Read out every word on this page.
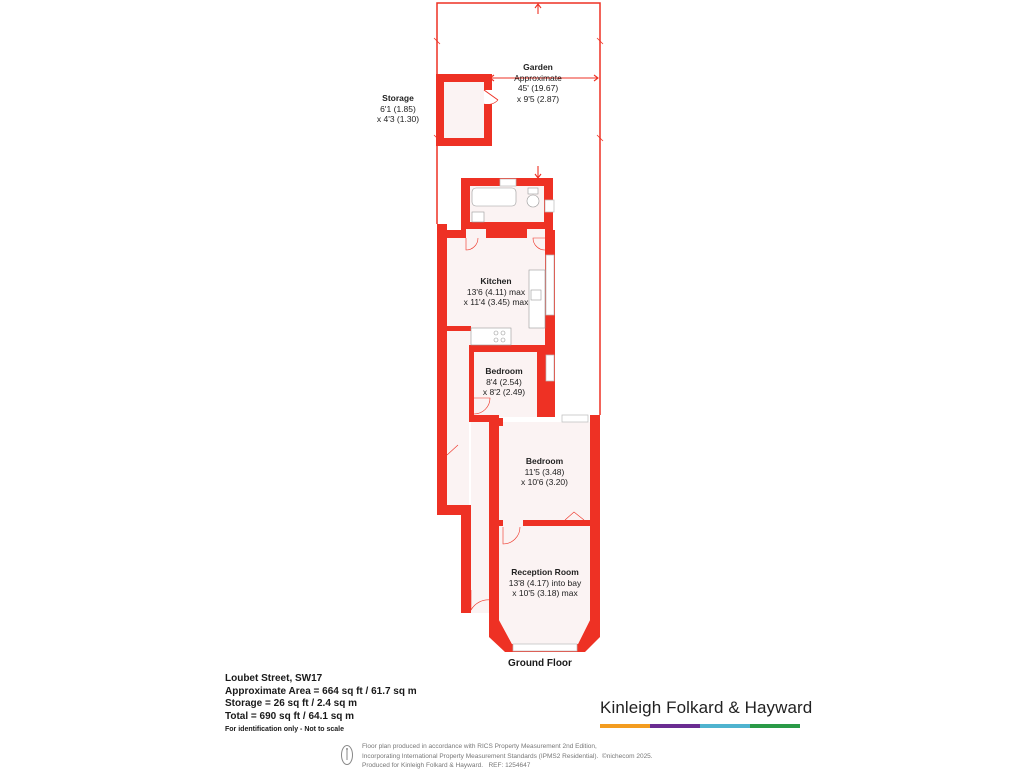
Garden
Approximate
45' (19.67)
x 9'5 (2.87)
Storage
6'1 (1.85)
x 4'3 (1.30)
Kitchen
13'6 (4.11) max
x 11'4 (3.45) max
Bedroom
8'4 (2.54)
x 8'2 (2.49)
Bedroom
11'5 (3.48)
x 10'6 (3.20)
Reception Room
13'8 (4.17) into bay
x 10'5 (3.18) max
Ground Floor
Loubet Street, SW17
Approximate Area = 664 sq ft / 61.7 sq m
Storage = 26 sq ft / 2.4 sq m
Total = 690 sq ft / 64.1 sq m
For identification only - Not to scale
Kinleigh Folkard & Hayward
Floor plan produced in accordance with RICS Property Measurement 2nd Edition,
Incorporating International Property Measurement Standards (IPMS2 Residential). ©nichecom 2025.
Produced for Kinleigh Folkard & Hayward. REF: 1254647
